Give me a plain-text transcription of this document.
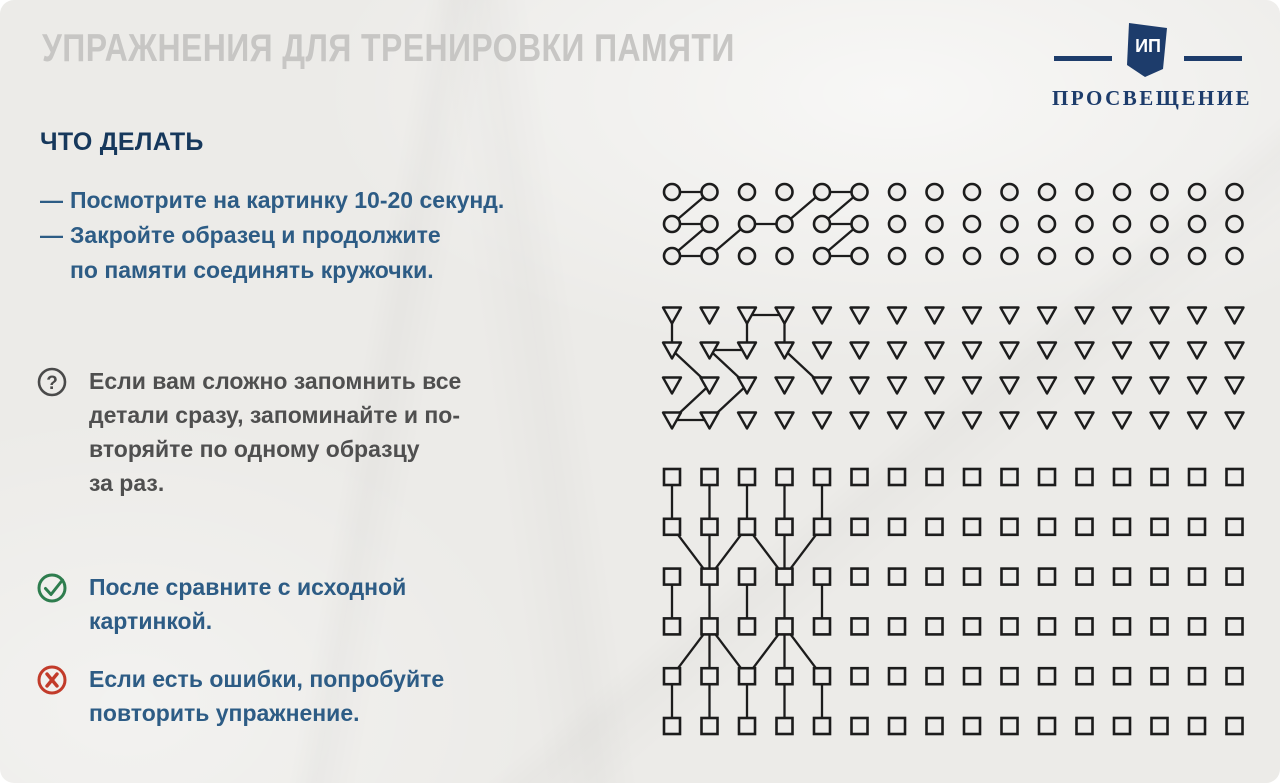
УПРАЖНЕНИЯ ДЛЯ ТРЕНИРОВКИ ПАМЯТИ	ИП
ПРОСВЕЩЕНИЕ
ЧТО ДЕЛАТЬ
— Посмотрите на картинку 10-20 секунд.
— Закройте образец и продолжите
по памяти соединять кружочки.
? Если вам сложно запомнить все
детали сразу, запоминайте и по-
вторяйте по одному образцу
за раз.
После сравните с исходной
картинкой.
Если есть ошибки, попробуйте
повторить упражнение.
